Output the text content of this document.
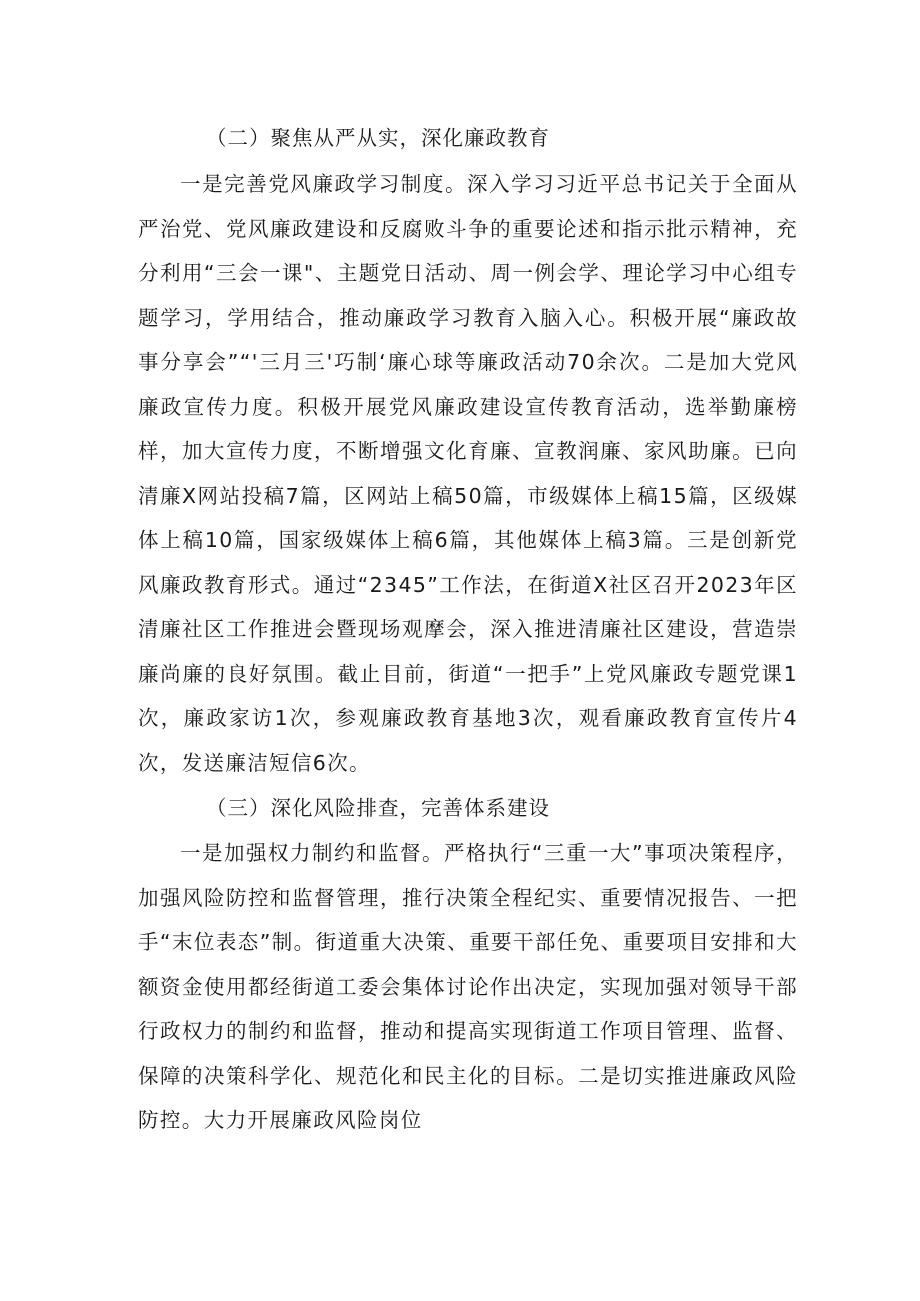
（二）聚焦从严从实，深化廉政教育

一是完善党风廉政学习制度。深入学习习近平总书记关于全面从严治党、党风廉政建设和反腐败斗争的重要论述和指示批示精神，充分利用“三会一课"、主题党日活动、周一例会学、理论学习中心组专题学习，学用结合，推动廉政学习教育入脑入心。积极开展“廉政故事分享会”“'三月三'巧制‘廉心球等廉政活动70余次。二是加大党风廉政宣传力度。积极开展党风廉政建设宣传教育活动，选举勤廉榜样，加大宣传力度，不断增强文化育廉、宣教润廉、家风助廉。已向清廉X网站投稿7篇，区网站上稿50篇，市级媒体上稿15篇，区级媒体上稿10篇，国家级媒体上稿6篇，其他媒体上稿3篇。三是创新党风廉政教育形式。通过“2345”工作法，在街道X社区召开2023年区清廉社区工作推进会暨现场观摩会，深入推进清廉社区建设，营造崇廉尚廉的良好氛围。截止目前，街道“一把手”上党风廉政专题党课1次，廉政家访1次，参观廉政教育基地3次，观看廉政教育宣传片4次，发送廉洁短信6次。

（三）深化风险排查，完善体系建设

一是加强权力制约和监督。严格执行“三重一大”事项决策程序，加强风险防控和监督管理，推行决策全程纪实、重要情况报告、一把手“末位表态”制。街道重大决策、重要干部任免、重要项目安排和大额资金使用都经街道工委会集体讨论作出决定，实现加强对领导干部行政权力的制约和监督，推动和提高实现街道工作项目管理、监督、保障的决策科学化、规范化和民主化的目标。二是切实推进廉政风险防控。大力开展廉政风险岗位
